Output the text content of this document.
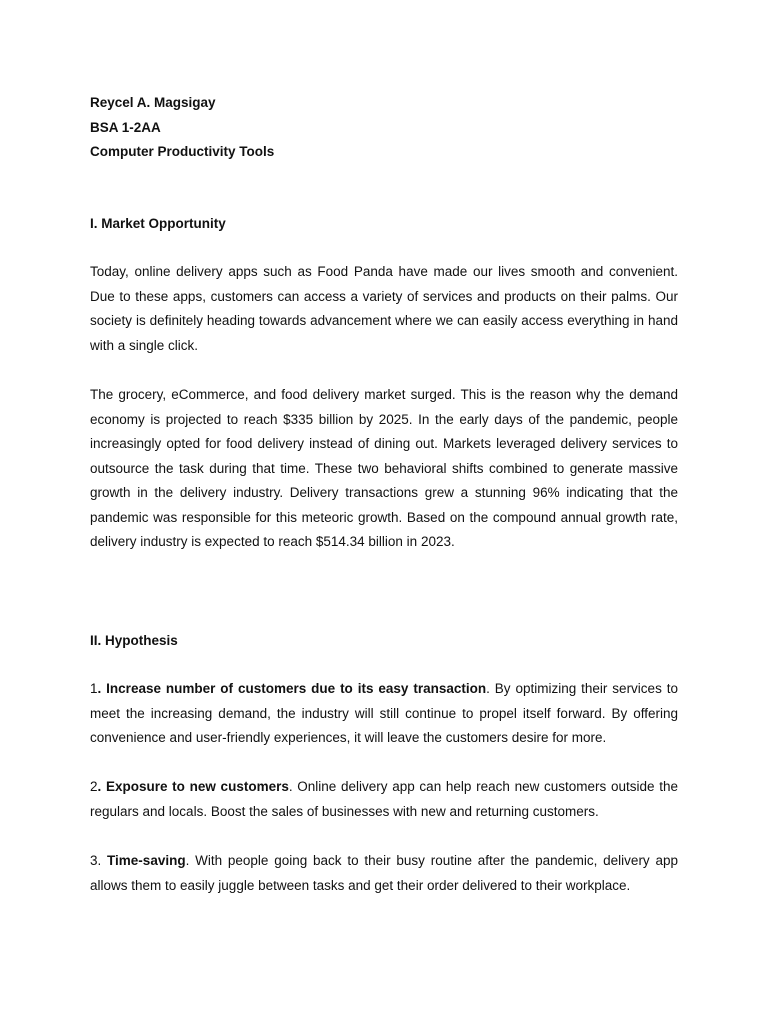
Reycel A. Magsigay
BSA 1-2AA
Computer Productivity Tools
I. Market Opportunity

Today, online delivery apps such as Food Panda have made our lives smooth and convenient. Due to these apps, customers can access a variety of services and products on their palms. Our society is definitely heading towards advancement where we can easily access everything in hand with a single click.

The grocery, eCommerce, and food delivery market surged. This is the reason why the demand economy is projected to reach $335 billion by 2025. In the early days of the pandemic, people increasingly opted for food delivery instead of dining out. Markets leveraged delivery services to outsource the task during that time. These two behavioral shifts combined to generate massive growth in the delivery industry. Delivery transactions grew a stunning 96% indicating that the pandemic was responsible for this meteoric growth. Based on the compound annual growth rate, delivery industry is expected to reach $514.34 billion in 2023.

II. Hypothesis

1. Increase number of customers due to its easy transaction. By optimizing their services to meet the increasing demand, the industry will still continue to propel itself forward. By offering convenience and user-friendly experiences, it will leave the customers desire for more.

2. Exposure to new customers. Online delivery app can help reach new customers outside the regulars and locals. Boost the sales of businesses with new and returning customers.

3. Time-saving. With people going back to their busy routine after the pandemic, delivery app allows them to easily juggle between tasks and get their order delivered to their workplace.
